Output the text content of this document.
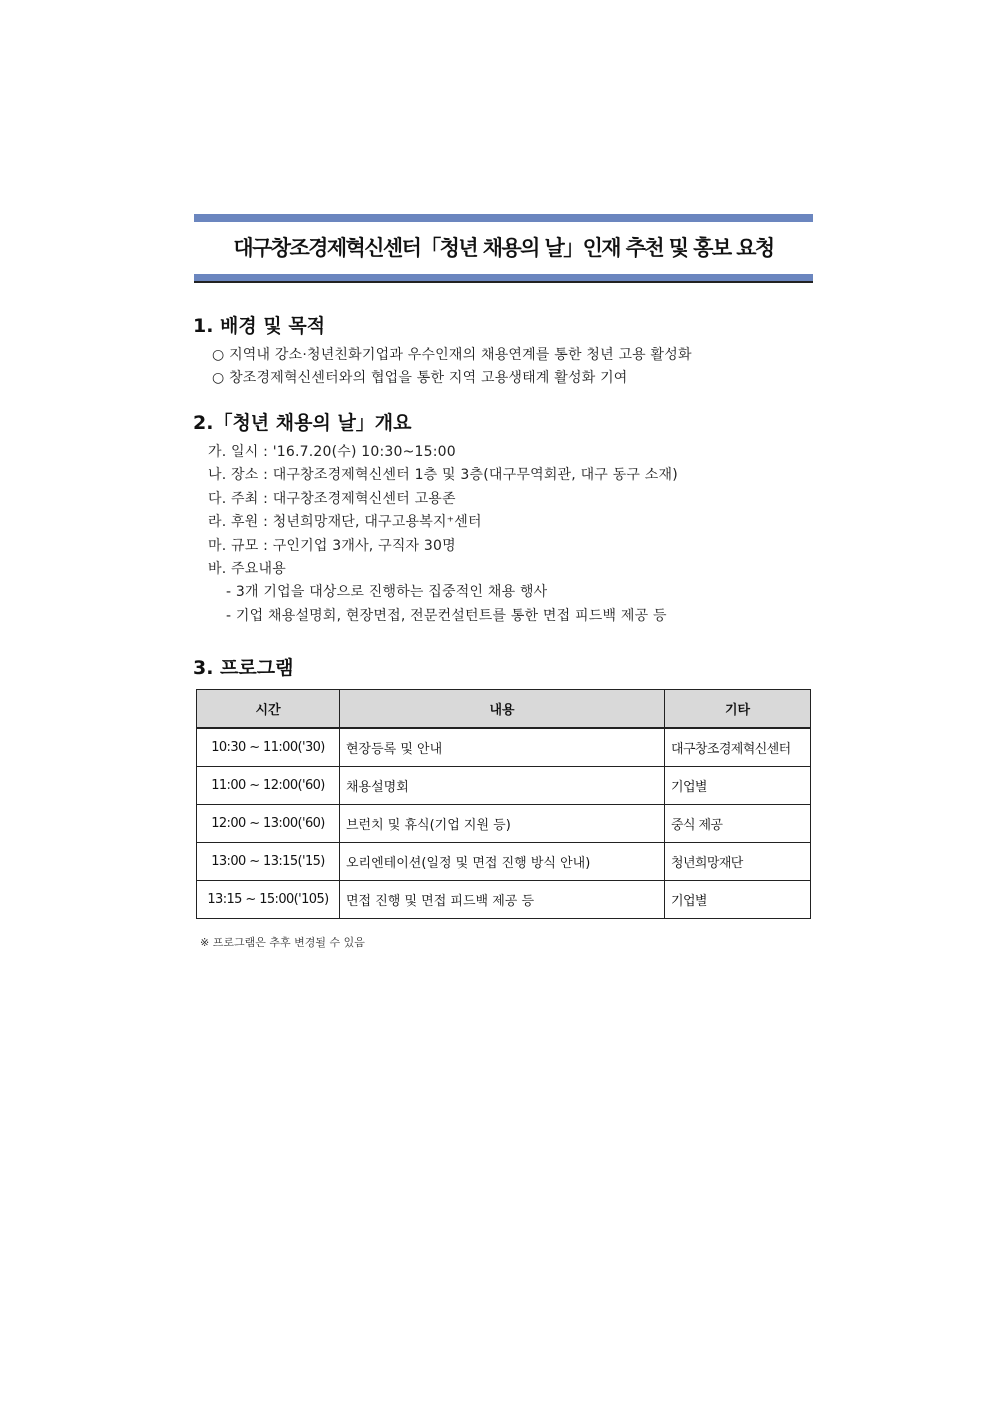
대구창조경제혁신센터「청년 채용의 날」인재 추천 및 홍보 요청
1. 배경 및 목적
○ 지역내 강소·청년친화기업과 우수인재의 채용연계를 통한 청년 고용 활성화
○ 창조경제혁신센터와의 협업을 통한 지역 고용생태계 활성화 기여
2.「청년 채용의 날」개요
가. 일시 : '16.7.20(수) 10:30~15:00
나. 장소 : 대구창조경제혁신센터 1층 및 3층(대구무역회관, 대구 동구 소재)
다. 주최 : 대구창조경제혁신센터 고용존
라. 후원 : 청년희망재단, 대구고용복지⁺센터
마. 규모 : 구인기업 3개사, 구직자 30명
바. 주요내용
- 3개 기업을 대상으로 진행하는 집중적인 채용 행사
- 기업 채용설명회, 현장면접, 전문컨설턴트를 통한 면접 피드백 제공 등
3. 프로그램
시간	내용	기타
10:30 ~ 11:00('30)	현장등록 및 안내	대구창조경제혁신센터
11:00 ~ 12:00('60)	채용설명회	기업별
12:00 ~ 13:00('60)	브런치 및 휴식(기업 지원 등)	중식 제공
13:00 ~ 13:15('15)	오리엔테이션(일정 및 면접 진행 방식 안내)	청년희망재단
13:15 ~ 15:00('105)	면접 진행 및 면접 피드백 제공 등	기업별
※ 프로그램은 추후 변경될 수 있음
